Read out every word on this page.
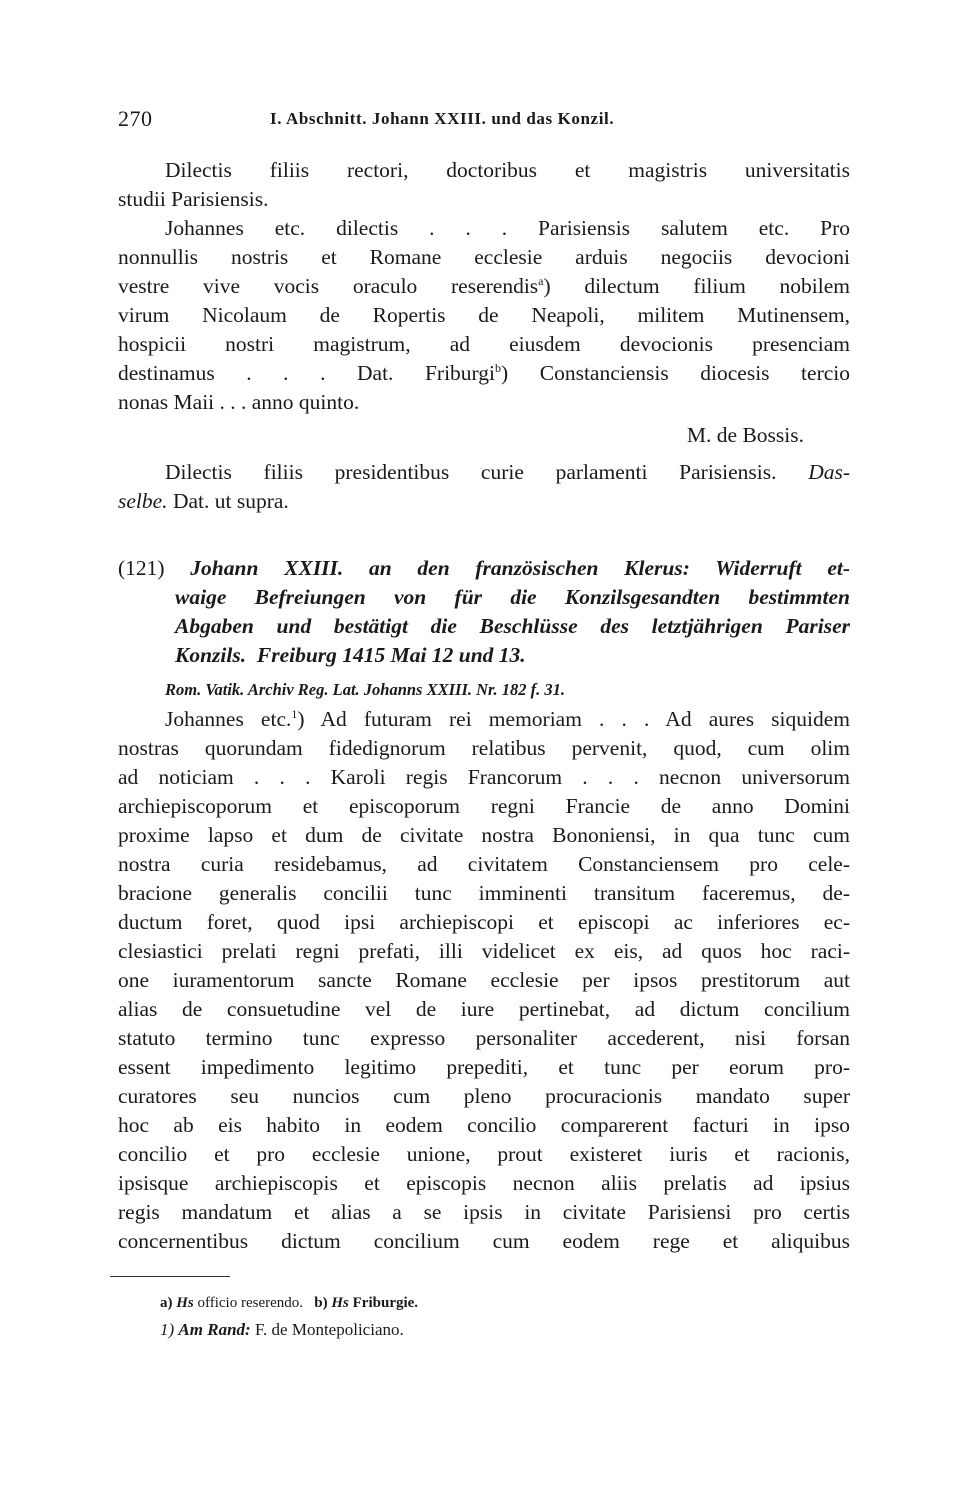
270	I. Abschnitt. Johann XXIII. und das Konzil.
Dilectis filiis rectori, doctoribus et magistris universitatis
studii Parisiensis.
Johannes etc. dilectis . . . Parisiensis salutem etc. Pro
nonnullis nostris et Romane ecclesie arduis negociis devocioni
vestre vive vocis oraculo reserendis$^a$) dilectum filium nobilem
virum Nicolaum de Ropertis de Neapoli, militem Mutinensem,
hospicii nostri magistrum, ad eiusdem devocionis presenciam
destinamus . . . Dat. Friburgi$^b$) Constanciensis diocesis tercio
nonas Maii . . . anno quinto.
M. de Bossis.
Dilectis filiis presidentibus curie parlamenti Parisiensis. Das-
selbe. Dat. ut supra.
(121) Johann XXIII. an den französischen Klerus: Widerruft et-
waige Befreiungen von für die Konzilsgesandten bestimmten
Abgaben und bestätigt die Beschlüsse des letztjährigen Pariser
Konzils. Freiburg 1415 Mai 12 und 13.
Rom. Vatik. Archiv Reg. Lat. Johanns XXIII. Nr. 182 f. 31.
Johannes etc.$^1$) Ad futuram rei memoriam . . . Ad aures siquidem
nostras quorundam fidedignorum relatibus pervenit, quod, cum olim
ad noticiam . . . Karoli regis Francorum . . . necnon universorum
archiepiscoporum et episcoporum regni Francie de anno Domini
proxime lapso et dum de civitate nostra Bononiensi, in qua tunc cum
nostra curia residebamus, ad civitatem Constanciensem pro cele-
bracione generalis concilii tunc imminenti transitum faceremus, de-
ductum foret, quod ipsi archiepiscopi et episcopi ac inferiores ec-
clesiastici prelati regni prefati, illi videlicet ex eis, ad quos hoc raci-
one iuramentorum sancte Romane ecclesie per ipsos prestitorum aut
alias de consuetudine vel de iure pertinebat, ad dictum concilium
statuto termino tunc expresso personaliter accederent, nisi forsan
essent impedimento legitimo prepediti, et tunc per eorum pro-
curatores seu nuncios cum pleno procuracionis mandato super
hoc ab eis habito in eodem concilio comparerent facturi in ipso
concilio et pro ecclesie unione, prout existeret iuris et racionis,
ipsisque archiepiscopis et episcopis necnon aliis prelatis ad ipsius
regis mandatum et alias a se ipsis in civitate Parisiensi pro certis
concernentibus dictum concilium cum eodem rege et aliquibus
a) Hs officio reserendo. b) Hs Friburgie.
1) Am Rand: F. de Montepoliciano.
